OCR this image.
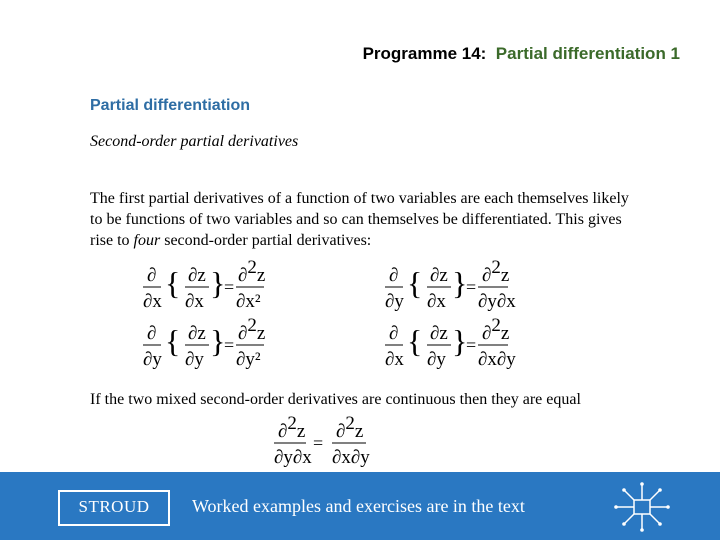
Programme 14: Partial differentiation 1
Partial differentiation
Second-order partial derivatives
The first partial derivatives of a function of two variables are each themselves likely to be functions of two variables and so can themselves be differentiated. This gives rise to four second-order partial derivatives:
∂
∂x
{ ∂z
∂x
}
=
∂2z
∂x²
∂
∂y
{ ∂z
∂x
}
=
∂2z
∂y∂x
∂
∂y
{ ∂z
∂y
}
=
∂2z
∂y²
∂
∂x
{ ∂z
∂y
}
=
∂2z
∂x∂y
If the two mixed second-order derivatives are continuous then they are equal
∂2z
∂y∂x
=
∂2z
∂x∂y
STROUD	Worked examples and exercises are in the text
